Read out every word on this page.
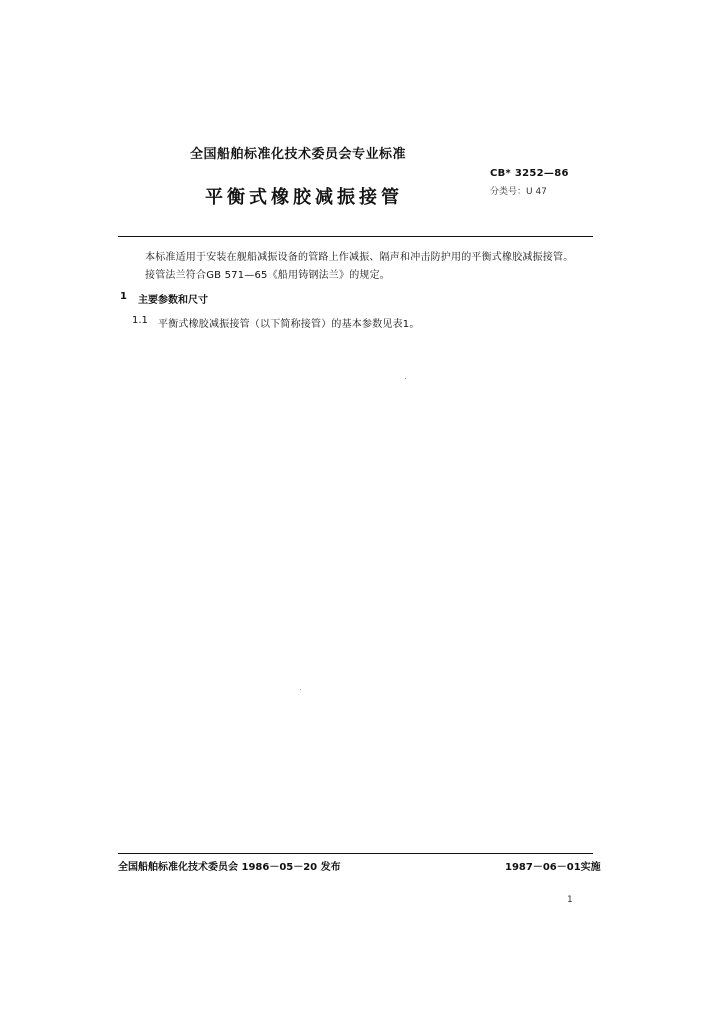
全国船舶标准化技术委员会专业标准
CB* 3252—86
分类号：U 47
平衡式橡胶减振接管
本标准适用于安装在舰船减振设备的管路上作减振、隔声和冲击防护用的平衡式橡胶减振接管。
接管法兰符合GB 571—65《船用铸钢法兰》的规定。
1 主要参数和尺寸
1.1 平衡式橡胶减振接管（以下简称接管）的基本参数见表1。
全国船舶标准化技术委员会 1986－05－20 发布	1987－06－01实施
1
